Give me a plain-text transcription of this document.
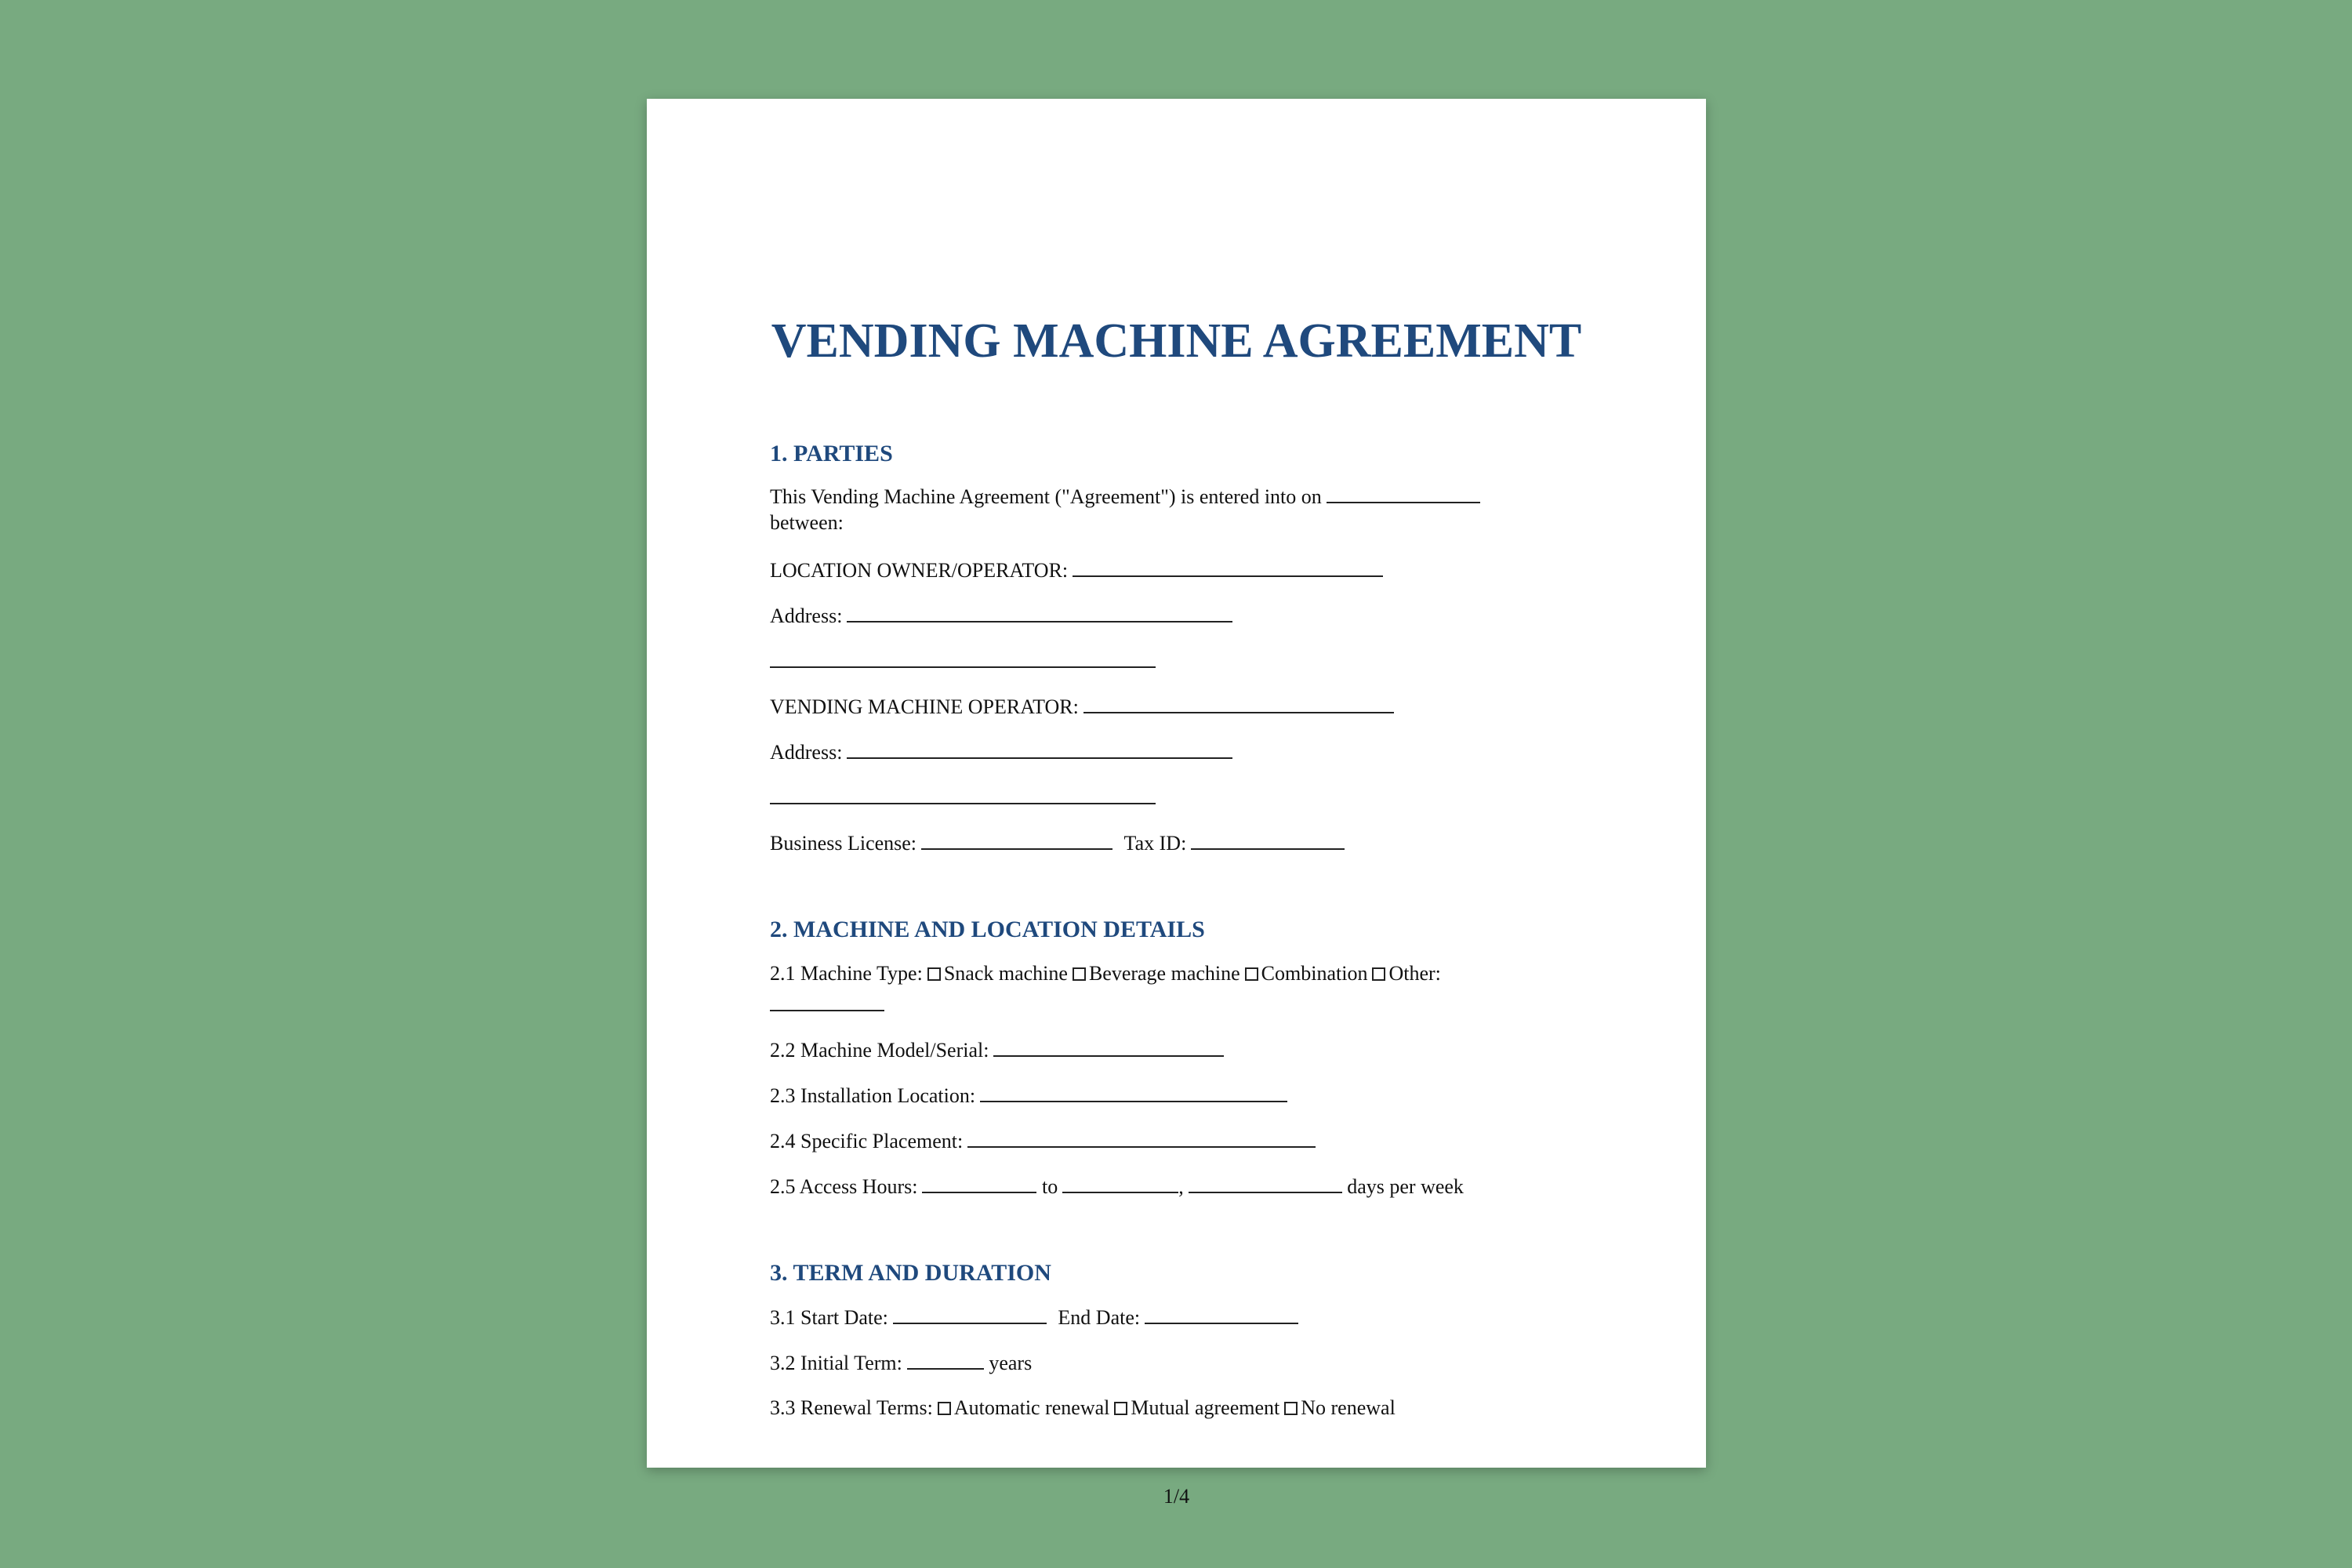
VENDING MACHINE AGREEMENT
1. PARTIES
This Vending Machine Agreement ("Agreement") is entered into on
between:
LOCATION OWNER/OPERATOR:
Address:
VENDING MACHINE OPERATOR:
Address:
Business License:	Tax ID:
2. MACHINE AND LOCATION DETAILS
2.1 Machine Type: Snack machine Beverage machine Combination Other:
2.2 Machine Model/Serial:
2.3 Installation Location:
2.4 Specific Placement:
2.5 Access Hours:	to	,	days per week
3. TERM AND DURATION
3.1 Start Date:	End Date:
3.2 Initial Term:	years
3.3 Renewal Terms: Automatic renewal Mutual agreement No renewal
1/4
